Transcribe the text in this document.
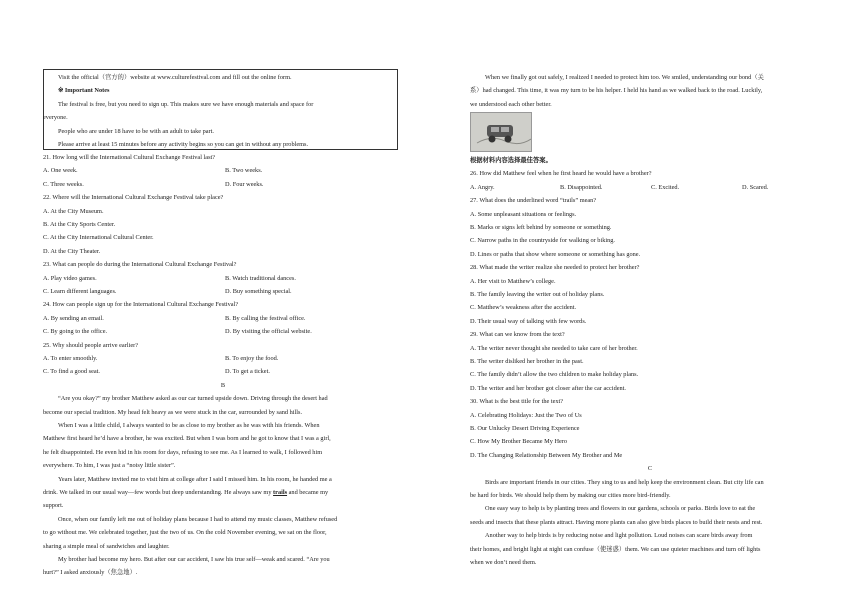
Visit the official（官方的）website at www.culturefestival.com and fill out the online form.
※ Important Notes
The festival is free, but you need to sign up. This makes sure we have enough materials and space for
everyone.
People who are under 18 have to be with an adult to take part.
Please arrive at least 15 minutes before any activity begins so you can get in without any problems.
21. How long will the International Cultural Exchange Festival last?
A. One week.	B. Two weeks.
C. Three weeks.	D. Four weeks.
22. Where will the International Cultural Exchange Festival take place?
A. At the City Museum.
B. At the City Sports Center.
C. At the City International Cultural Center.
D. At the City Theater.
23. What can people do during the International Cultural Exchange Festival?
A. Play video games.	B. Watch traditional dances.
C. Learn different languages.	D. Buy something special.
24. How can people sign up for the International Cultural Exchange Festival?
A. By sending an email.	B. By calling the festival office.
C. By going to the office.	D. By visiting the official website.
25. Why should people arrive earlier?
A. To enter smoothly.	B. To enjoy the food.
C. To find a good seat.	D. To get a ticket.
B
“Are you okay?” my brother Matthew asked as our car turned upside down. Driving through the desert had
become our special tradition. My head felt heavy as we were stuck in the car, surrounded by sand hills.
When I was a little child, I always wanted to be as close to my brother as he was with his friends. When
Matthew first heard he’d have a brother, he was excited. But when I was born and he got to know that I was a girl,
he felt disappointed. He even hid in his room for days, refusing to see me. As I learned to walk, I followed him
everywhere. To him, I was just a “noisy little sister”.
Years later, Matthew invited me to visit him at college after I said I missed him. In his room, he handed me a
drink. We talked in our usual way—few words but deep understanding. He always saw my trails and became my
support.
Once, when our family left me out of holiday plans because I had to attend my music classes, Matthew refused
to go without me. We celebrated together, just the two of us. On the cold November evening, we sat on the floor,
sharing a simple meal of sandwiches and laughter.
My brother had become my hero. But after our car accident, I saw his true self—weak and scared. “Are you
hurt?” I asked anxiously（焦急地）.
When we finally got out safely, I realized I needed to protect him too. We smiled, understanding our bond（关
系）had changed. This time, it was my turn to be his helper. I held his hand as we walked back to the road. Luckily,
we understood each other better.
根据材料内容选择最佳答案。
26. How did Matthew feel when he first heard he would have a brother?
A. Angry.	B. Disappointed.	C. Excited.	D. Scared.
27. What does the underlined word “trails” mean?
A. Some unpleasant situations or feelings.
B. Marks or signs left behind by someone or something.
C. Narrow paths in the countryside for walking or biking.
D. Lines or paths that show where someone or something has gone.
28. What made the writer realize she needed to protect her brother?
A. Her visit to Matthew’s college.
B. The family leaving the writer out of holiday plans.
C. Matthew’s weakness after the accident.
D. Their usual way of talking with few words.
29. What can we know from the text?
A. The writer never thought she needed to take care of her brother.
B. The writer disliked her brother in the past.
C. The family didn’t allow the two children to make holiday plans.
D. The writer and her brother got closer after the car accident.
30. What is the best title for the text?
A. Celebrating Holidays: Just the Two of Us
B. Our Unlucky Desert Driving Experience
C. How My Brother Became My Hero
D. The Changing Relationship Between My Brother and Me
C
Birds are important friends in our cities. They sing to us and help keep the environment clean. But city life can
be hard for birds. We should help them by making our cities more bird-friendly.
One easy way to help is by planting trees and flowers in our gardens, schools or parks. Birds love to eat the
seeds and insects that these plants attract. Having more plants can also give birds places to build their nests and rest.
Another way to help birds is by reducing noise and light pollution. Loud noises can scare birds away from
their homes, and bright light at night can confuse（使迷惑）them. We can use quieter machines and turn off lights
when we don’t need them.
